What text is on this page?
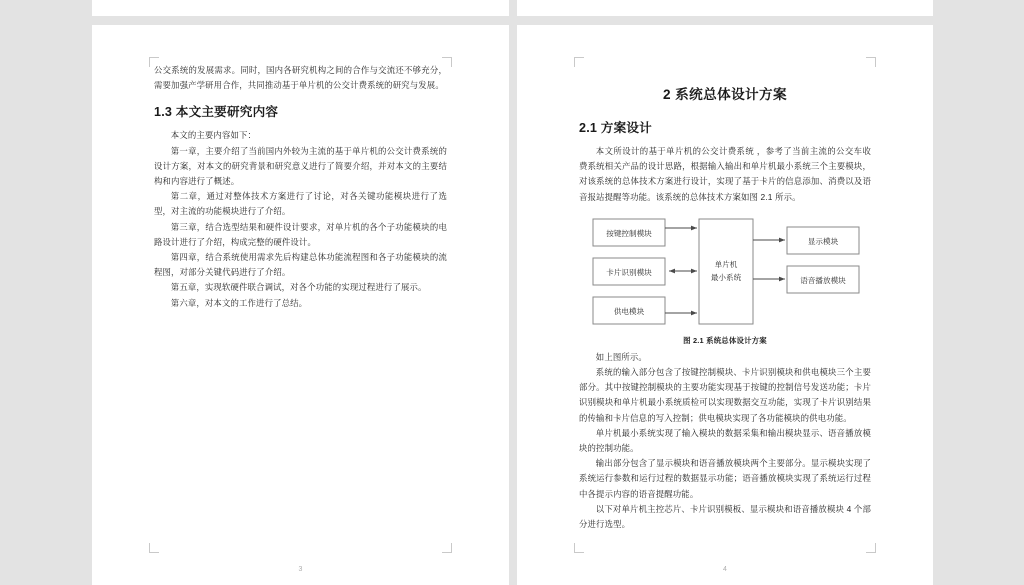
公交系统的发展需求。同时，国内各研究机构之间的合作与交流还不够充分，需要加强产学研用合作，共同推动基于单片机的公交计费系统的研究与发展。

1.3 本文主要研究内容

本文的主要内容如下：

第一章，主要介绍了当前国内外较为主流的基于单片机的公交计费系统的设计方案，对本文的研究背景和研究意义进行了简要介绍，并对本文的主要结构和内容进行了概述。

第二章，通过对整体技术方案进行了讨论，对各关键功能模块进行了选型，对主流的功能模块进行了介绍。

第三章，结合选型结果和硬件设计要求，对单片机的各个子功能模块的电路设计进行了介绍，构成完整的硬件设计。

第四章，结合系统使用需求先后构建总体功能流程图和各子功能模块的流程图，对部分关键代码进行了介绍。

第五章，实现软硬件联合调试，对各个功能的实现过程进行了展示。

第六章，对本文的工作进行了总结。

3
2 系统总体设计方案
2.1 方案设计

本文所设计的基于单片机的公交计费系统 ，参考了当前主流的公交车收费系统相关产品的设计思路，根据输入输出和单片机最小系统三个主要模块，对该系统的总体技术方案进行设计，实现了基于卡片的信息添加、消费以及语音报站提醒等功能。该系统的总体技术方案如图 2.1 所示。

按键控制模块
卡片识别模块
供电模块
单片机
最小系统
显示模块
语音播放模块

图 2.1 系统总体设计方案

如上图所示。

系统的输入部分包含了按键控制模块、卡片识别模块和供电模块三个主要部分。其中按键控制模块的主要功能实现基于按键的控制信号发送功能；卡片识别模块和单片机最小系统质检可以实现数据交互功能，实现了卡片识别结果的传输和卡片信息的写入控制；供电模块实现了各功能模块的供电功能。

单片机最小系统实现了输入模块的数据采集和输出模块显示、语音播放模块的控制功能。

输出部分包含了显示模块和语音播放模块两个主要部分。显示模块实现了系统运行参数和运行过程的数据显示功能；语音播放模块实现了系统运行过程中各提示内容的语音提醒功能。

以下对单片机主控芯片、卡片识别模板、显示模块和语音播放模块 4 个部分进行选型。

4
